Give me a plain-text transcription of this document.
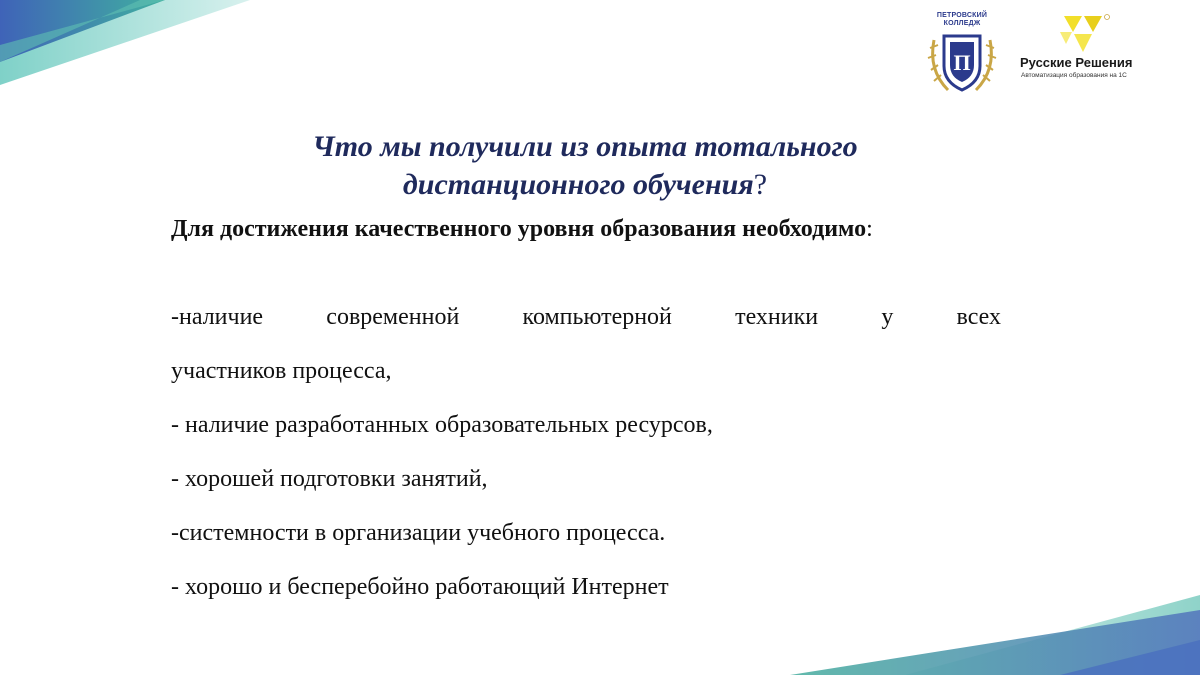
П
ПЕТРОВСКИЙ
КОЛЛЕДЖ
Русские Решения
Автоматизация образования на 1С
Что мы получили из опыта тотального дистанционного обучения?
Для достижения качественного уровня образования необходимо:

-наличие современной компьютерной техники у всех

участников процесса,

- наличие разработанных образовательных ресурсов,

- хорошей подготовки занятий,

-системности в организации учебного процесса.

- хорошо и бесперебойно работающий Интернет
